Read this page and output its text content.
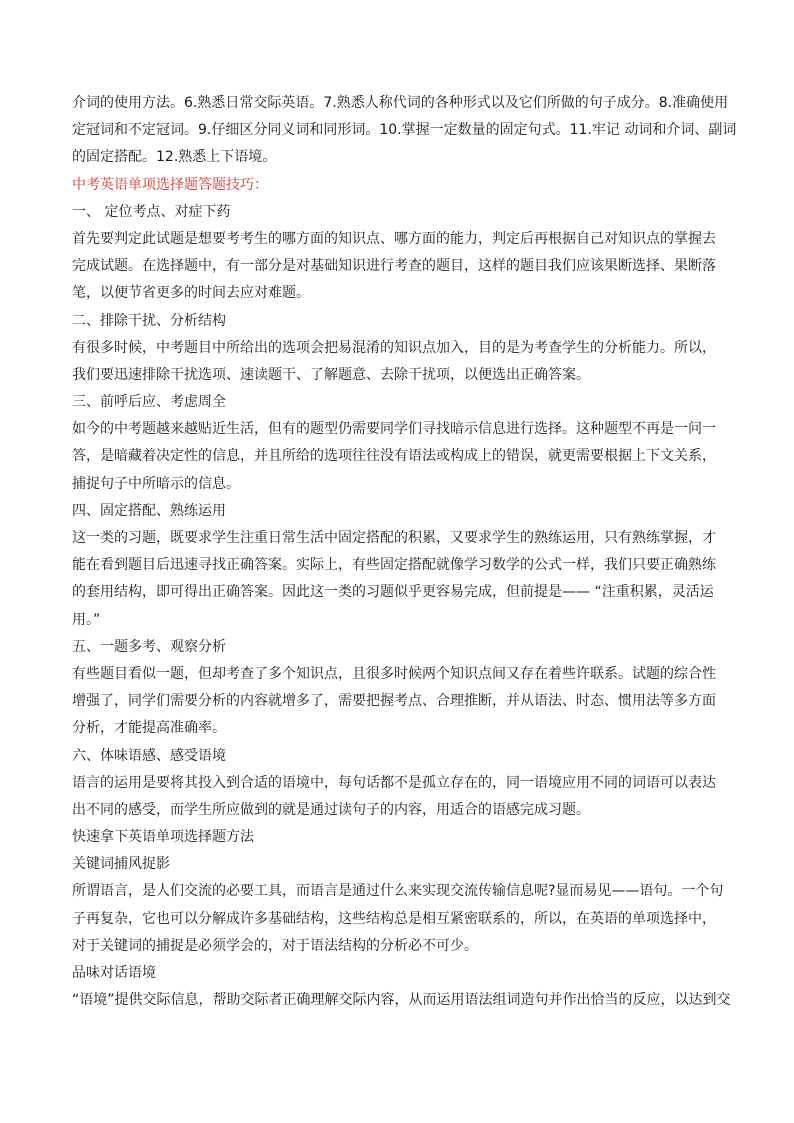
介词的使用方法。6.熟悉日常交际英语。7.熟悉人称代词的各种形式以及它们所做的句子成分。8.准确使用
定冠词和不定冠词。9.仔细区分同义词和同形词。10.掌握一定数量的固定句式。11.牢记 动词和介词、副词
的固定搭配。12.熟悉上下语境。
中考英语单项选择题答题技巧：
一、 定位考点、对症下药
首先要判定此试题是想要考考生的哪方面的知识点、哪方面的能力，判定后再根据自己对知识点的掌握去
完成试题。在选择题中，有一部分是对基础知识进行考查的题目，这样的题目我们应该果断选择、果断落
笔，以便节省更多的时间去应对难题。
二、排除干扰、分析结构
有很多时候，中考题目中所给出的选项会把易混淆的知识点加入，目的是为考查学生的分析能力。所以，
我们要迅速排除干扰选项、速读题干、了解题意、去除干扰项，以便选出正确答案。
三、前呼后应、考虑周全
如今的中考题越来越贴近生活，但有的题型仍需要同学们寻找暗示信息进行选择。这种题型不再是一问一
答，是暗藏着决定性的信息，并且所给的选项往往没有语法或构成上的错误，就更需要根据上下文关系，
捕捉句子中所暗示的信息。
四、固定搭配、熟练运用
这一类的习题，既要求学生注重日常生活中固定搭配的积累，又要求学生的熟练运用，只有熟练掌握，才
能在看到题目后迅速寻找正确答案。实际上，有些固定搭配就像学习数学的公式一样，我们只要正确熟练
的套用结构，即可得出正确答案。因此这一类的习题似乎更容易完成，但前提是—— “注重积累，灵活运
用。”
五、一题多考、观察分析
有些题目看似一题，但却考查了多个知识点，且很多时候两个知识点间又存在着些许联系。试题的综合性
增强了，同学们需要分析的内容就增多了，需要把握考点、合理推断，并从语法、时态、惯用法等多方面
分析，才能提高准确率。
六、体味语感、感受语境
语言的运用是要将其投入到合适的语境中，每句话都不是孤立存在的，同一语境应用不同的词语可以表达
出不同的感受，而学生所应做到的就是通过读句子的内容，用适合的语感完成习题。
快速拿下英语单项选择题方法
关键词捕风捉影
所谓语言，是人们交流的必要工具，而语言是通过什么来实现交流传输信息呢?显而易见——语句。一个句
子再复杂，它也可以分解成许多基础结构，这些结构总是相互紧密联系的，所以，在英语的单项选择中，
对于关键词的捕捉是必须学会的，对于语法结构的分析必不可少。
品味对话语境
“语境”提供交际信息，帮助交际者正确理解交际内容，从而运用语法组词造句并作出恰当的反应，以达到交
